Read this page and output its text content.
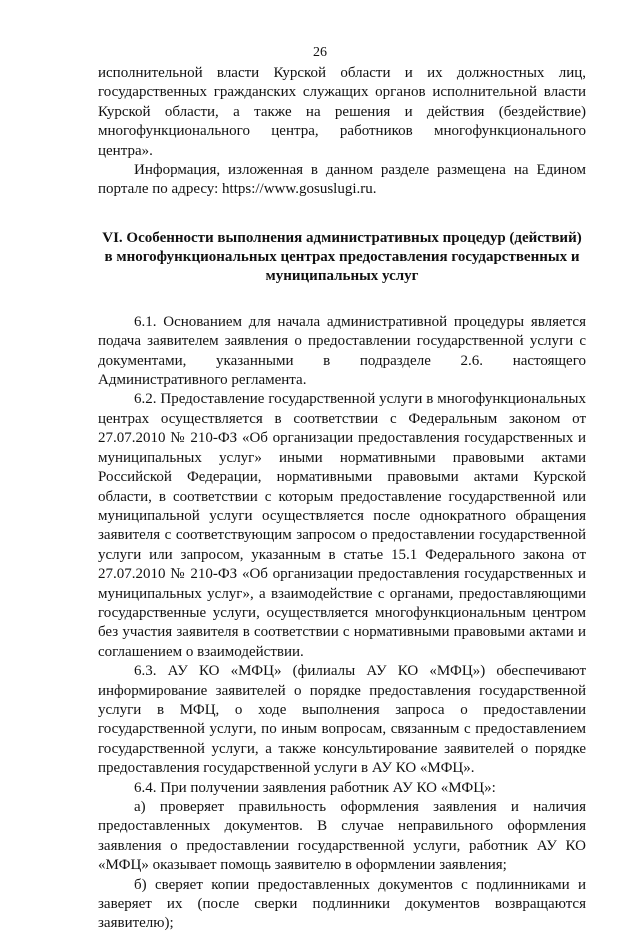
26

исполнительной власти Курской области и их должностных лиц, государственных гражданских служащих органов исполнительной власти Курской области, а также на решения и действия (бездействие) многофункционального центра, работников многофункционального центра».

Информация, изложенная в данном разделе размещена на Едином портале по адресу: https://www.gosuslugi.ru.

VI. Особенности выполнения административных процедур (действий) в многофункциональных центрах предоставления государственных и муниципальных услуг

6.1. Основанием для начала административной процедуры является подача заявителем заявления о предоставлении государственной услуги с документами, указанными в подразделе 2.6. настоящего Административного регламента.

6.2. Предоставление государственной услуги в многофункциональных центрах осуществляется в соответствии с Федеральным законом от 27.07.2010 № 210-ФЗ «Об организации предоставления государственных и муниципальных услуг» иными нормативными правовыми актами Российской Федерации, нормативными правовыми актами Курской области, в соответствии с которым предоставление государственной или муниципальной услуги осуществляется после однократного обращения заявителя с соответствующим запросом о предоставлении государственной услуги или запросом, указанным в статье 15.1 Федерального закона от 27.07.2010 № 210-ФЗ «Об организации предоставления государственных и муниципальных услуг», а взаимодействие с органами, предоставляющими государственные услуги, осуществляется многофункциональным центром без участия заявителя в соответствии с нормативными правовыми актами и соглашением о взаимодействии.

6.3. АУ КО «МФЦ» (филиалы АУ КО «МФЦ») обеспечивают информирование заявителей о порядке предоставления государственной услуги в МФЦ, о ходе выполнения запроса о предоставлении государственной услуги, по иным вопросам, связанным с предоставлением государственной услуги, а также консультирование заявителей о порядке предоставления государственной услуги в АУ КО «МФЦ».

6.4. При получении заявления работник АУ КО «МФЦ»:

а) проверяет правильность оформления заявления и наличия предоставленных документов. В случае неправильного оформления заявления о предоставлении государственной услуги, работник АУ КО «МФЦ» оказывает помощь заявителю в оформлении заявления;

б) сверяет копии предоставленных документов с подлинниками и заверяет их (после сверки подлинники документов возвращаются заявителю);
